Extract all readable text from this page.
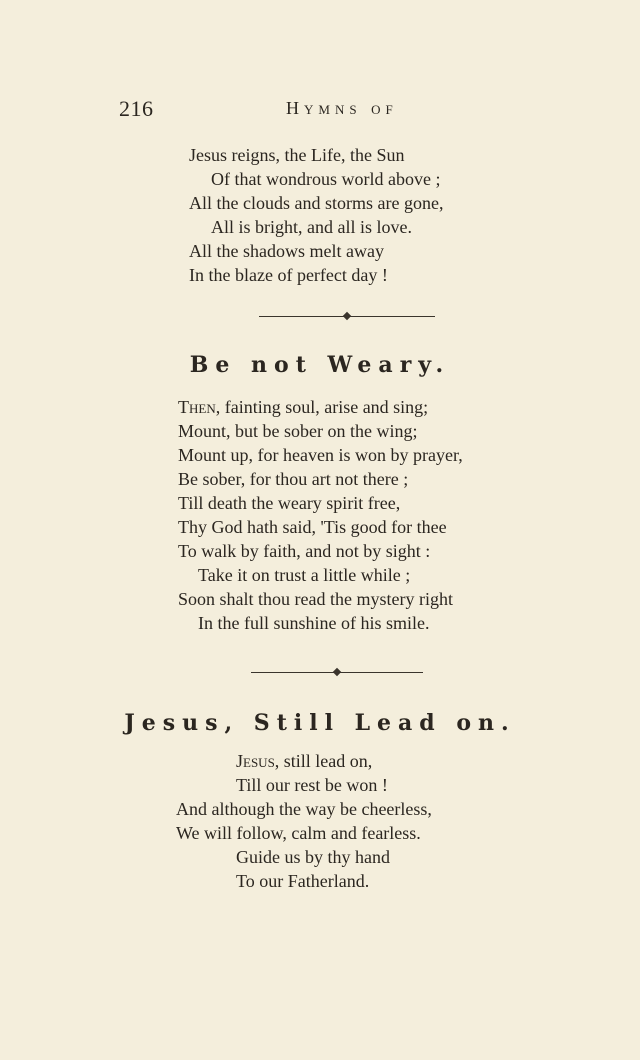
216	Hymns of
Jesus reigns, the Life, the Sun
Of that wondrous world above ;
All the clouds and storms are gone,
All is bright, and all is love.
All the shadows melt away
In the blaze of perfect day !
Be not Weary.
Then, fainting soul, arise and sing;
Mount, but be sober on the wing;
Mount up, for heaven is won by prayer,
Be sober, for thou art not there ;
Till death the weary spirit free,
Thy God hath said, 'Tis good for thee
To walk by faith, and not by sight :
Take it on trust a little while ;
Soon shalt thou read the mystery right
In the full sunshine of his smile.
Jesus, Still Lead on.
Jesus, still lead on,
Till our rest be won !
And although the way be cheerless,
We will follow, calm and fearless.
Guide us by thy hand
To our Fatherland.
